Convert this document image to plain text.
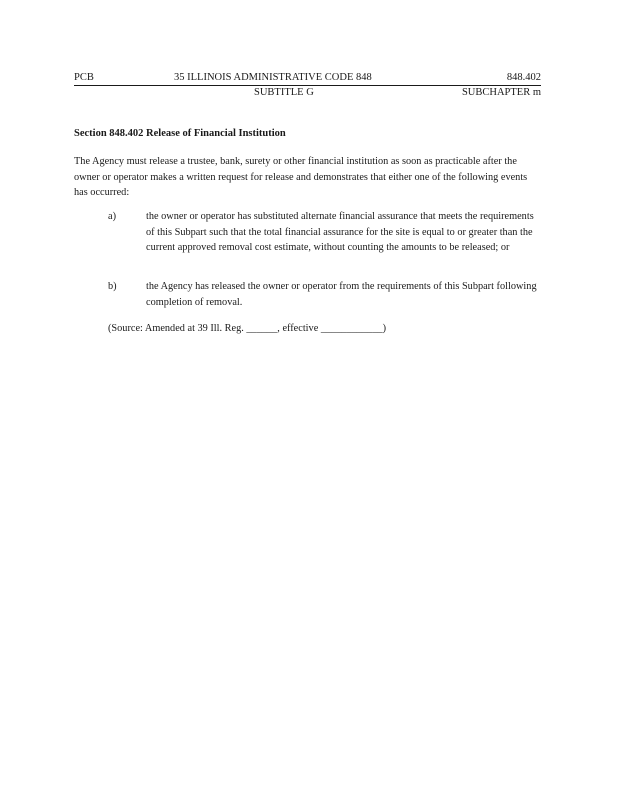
PCB	35 ILLINOIS ADMINISTRATIVE CODE 848	848.402
SUBTITLE G	SUBCHAPTER m
Section 848.402 Release of Financial Institution
The Agency must release a trustee, bank, surety or other financial institution as soon as practicable after the owner or operator makes a written request for release and demonstrates that either one of the following events has occurred:
a)	the owner or operator has substituted alternate financial assurance that meets the requirements of this Subpart such that the total financial assurance for the site is equal to or greater than the current approved removal cost estimate, without counting the amounts to be released; or
b)	the Agency has released the owner or operator from the requirements of this Subpart following completion of removal.
(Source: Amended at 39 Ill. Reg. ______, effective ____________)
